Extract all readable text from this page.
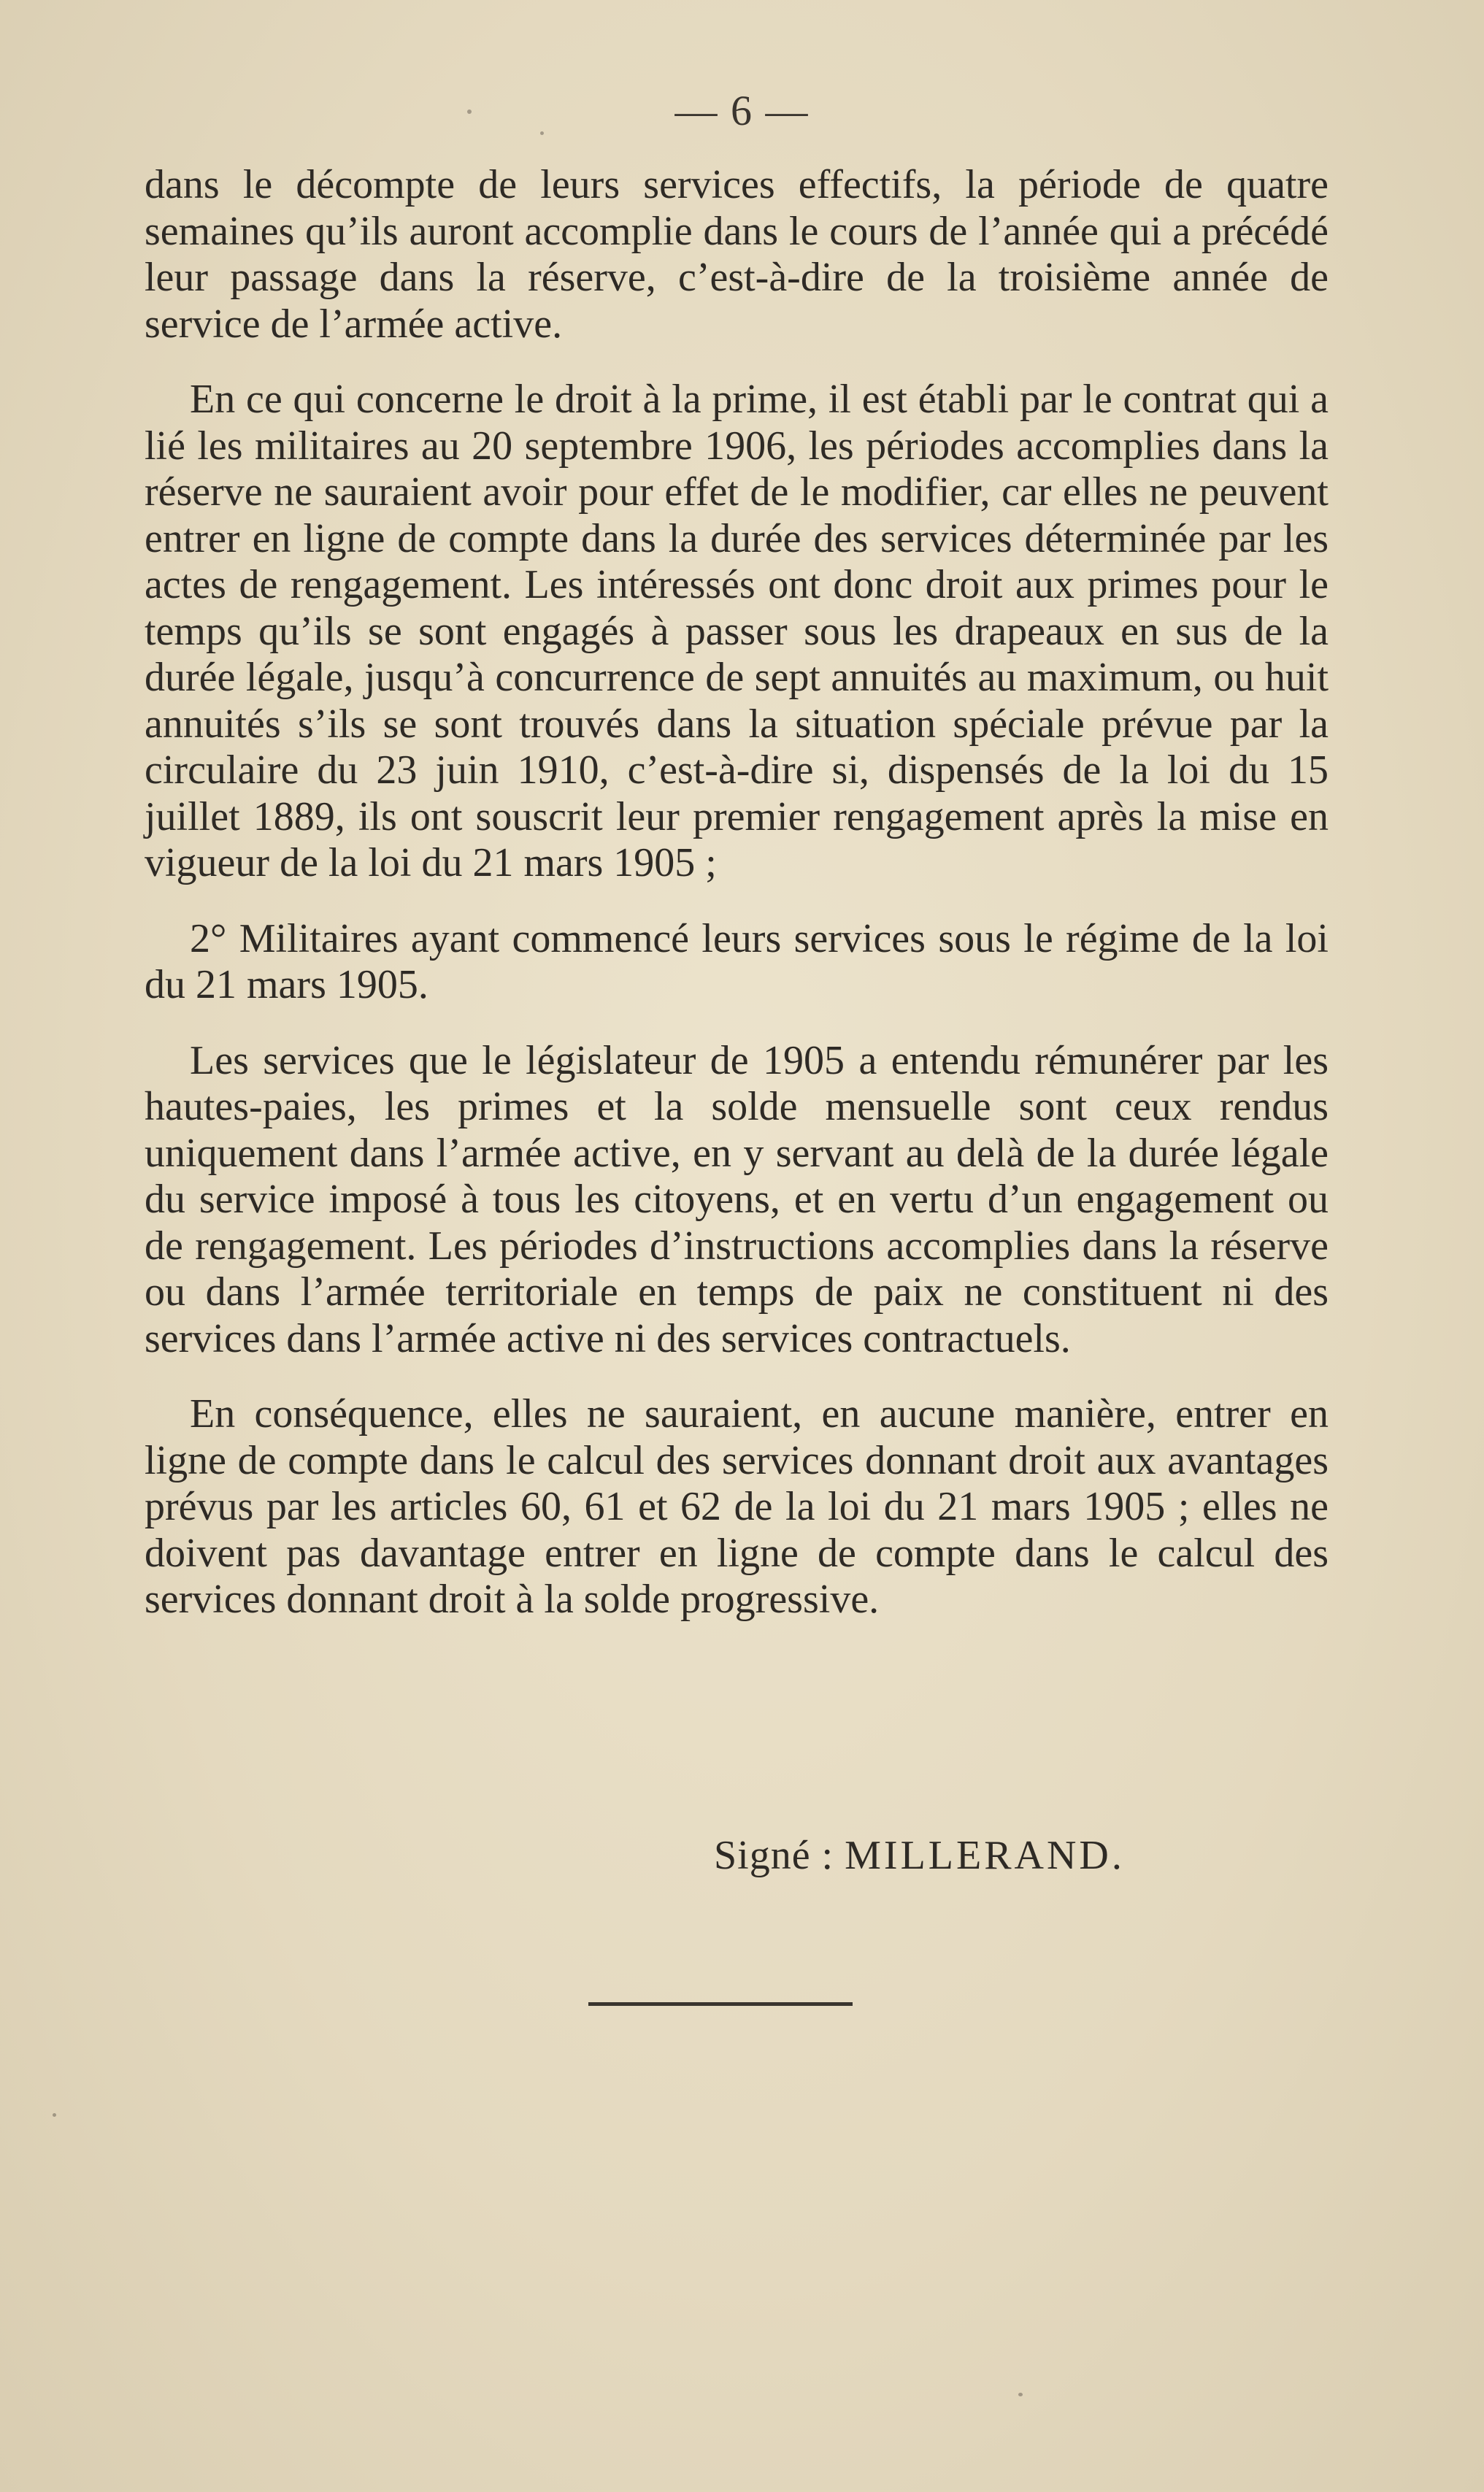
— 6 —

dans le décompte de leurs services effectifs, la période de quatre semaines qu’ils auront accomplie dans le cours de l’année qui a précédé leur passage dans la réserve, c’est-à-dire de la troisième année de service de l’armée active.

En ce qui concerne le droit à la prime, il est établi par le contrat qui a lié les militaires au 20 septembre 1906, les périodes accomplies dans la réserve ne sauraient avoir pour effet de le modifier, car elles ne peuvent entrer en ligne de compte dans la durée des services déterminée par les actes de rengagement. Les intéressés ont donc droit aux primes pour le temps qu’ils se sont engagés à passer sous les drapeaux en sus de la durée légale, jusqu’à concurrence de sept annuités au maximum, ou huit annuités s’ils se sont trouvés dans la situation spéciale prévue par la circulaire du 23 juin 1910, c’est-à-dire si, dispensés de la loi du 15 juillet 1889, ils ont souscrit leur premier rengagement après la mise en vigueur de la loi du 21 mars 1905 ;

2° Militaires ayant commencé leurs services sous le régime de la loi du 21 mars 1905.

Les services que le législateur de 1905 a entendu rémunérer par les hautes-paies, les primes et la solde mensuelle sont ceux rendus uniquement dans l’armée active, en y servant au delà de la durée légale du service imposé à tous les citoyens, et en vertu d’un engagement ou de rengagement. Les périodes d’instructions accomplies dans la réserve ou dans l’armée territoriale en temps de paix ne constituent ni des services dans l’armée active ni des services contractuels.

En conséquence, elles ne sauraient, en aucune manière, entrer en ligne de compte dans le calcul des services donnant droit aux avantages prévus par les articles 60, 61 et 62 de la loi du 21 mars 1905 ; elles ne doivent pas davantage entrer en ligne de compte dans le calcul des services donnant droit à la solde progressive.

Signé : MILLERAND.
